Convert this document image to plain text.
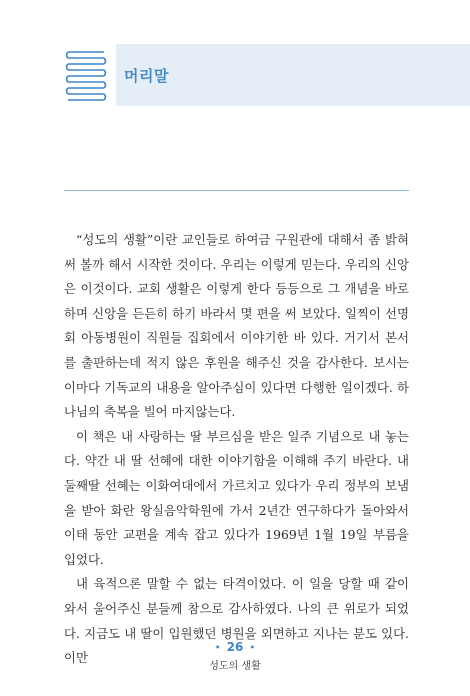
머리말

“성도의 생활”이란 교인들로 하여금 구원관에 대해서 좀 밝혀 써 볼까 해서 시작한 것이다. 우리는 이렇게 믿는다. 우리의 신앙은 이것이다. 교회 생활은 이렇게 한다 등등으로 그 개념을 바로 하며 신앙을 든든히 하기 바라서 몇 편을 써 보았다. 일찍이 선명회 아동병원이 직원들 집회에서 이야기한 바 있다. 거기서 본서를 출판하는데 적지 않은 후원을 해주신 것을 감사한다. 보시는 이마다 기독교의 내용을 알아주심이 있다면 다행한 일이겠다. 하나님의 축복을 빌어 마지않는다.

이 책은 내 사랑하는 딸 부르심을 받은 일주 기념으로 내 놓는다. 약간 내 딸 선혜에 대한 이야기함을 이해해 주기 바란다. 내 둘째딸 선혜는 이화여대에서 가르치고 있다가 우리 정부의 보냄을 받아 화란 왕실음악학원에 가서 2년간 연구하다가 돌아와서 이태 동안 교편을 계속 잡고 있다가 1969년 1월 19일 부름을 입었다.

내 육적으론 말할 수 없는 타격이었다. 이 일을 당할 때 같이 와서 울어주신 분들께 참으로 감사하였다. 나의 큰 위로가 되었다. 지금도 내 딸이 입원했던 병원을 외면하고 지나는 분도 있다. 이만

• 26 •
성도의 생활
